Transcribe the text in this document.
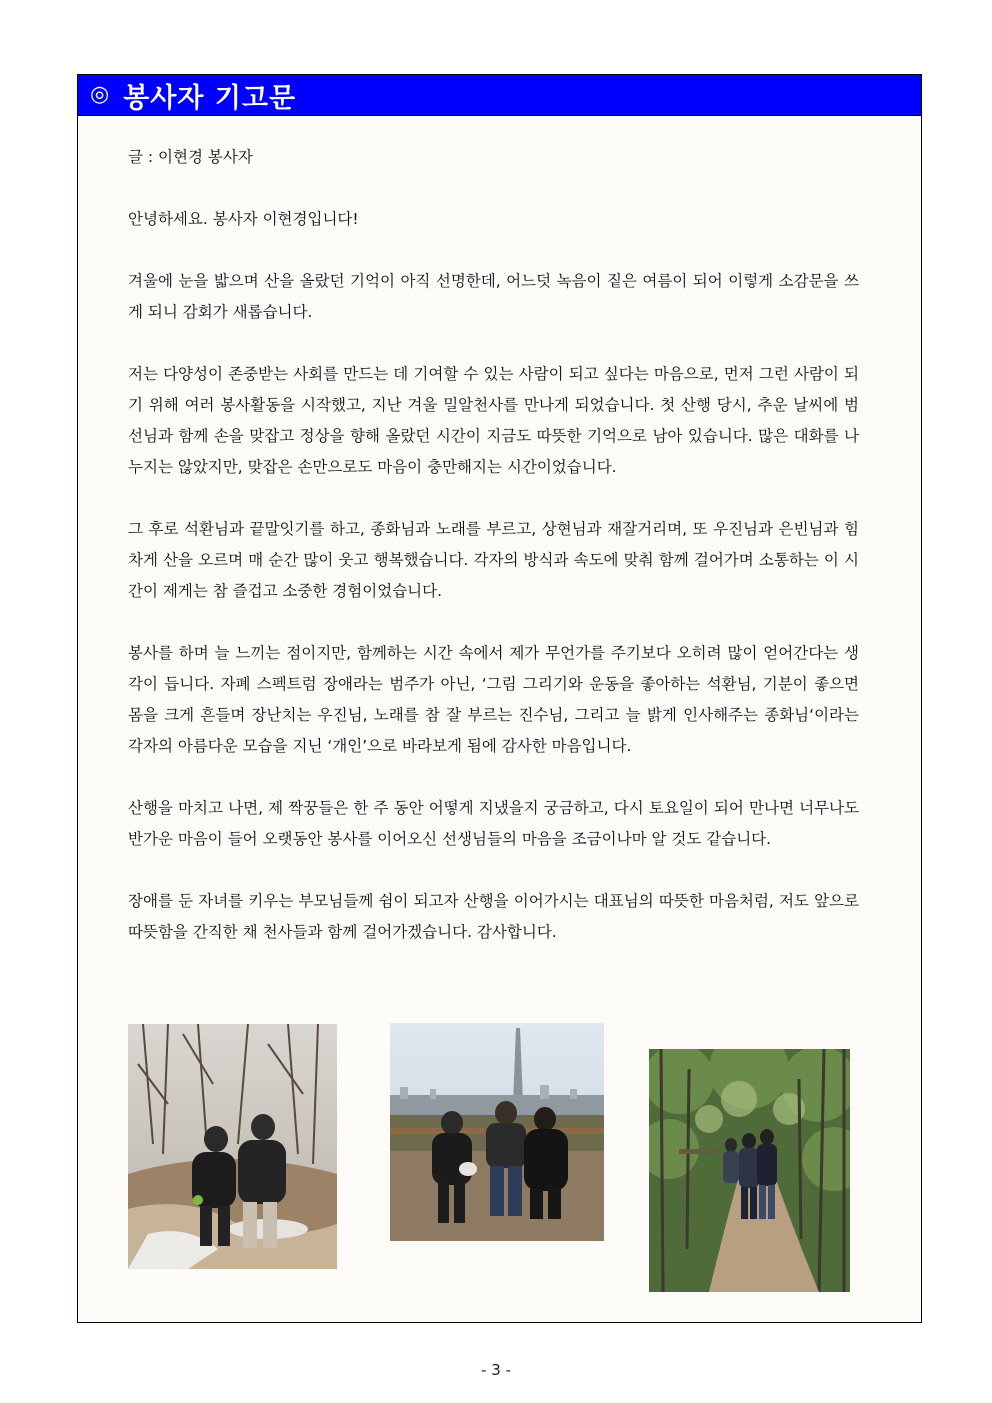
◎ 봉사자 기고문

글 : 이현경 봉사자

안녕하세요. 봉사자 이현경입니다!

겨울에 눈을 밟으며 산을 올랐던 기억이 아직 선명한데, 어느덧 녹음이 짙은 여름이 되어 이렇게 소감문을 쓰게 되니 감회가 새롭습니다.

저는 다양성이 존중받는 사회를 만드는 데 기여할 수 있는 사람이 되고 싶다는 마음으로, 먼저 그런 사람이 되기 위해 여러 봉사활동을 시작했고, 지난 겨울 밀알천사를 만나게 되었습니다. 첫 산행 당시, 추운 날씨에 범선님과 함께 손을 맞잡고 정상을 향해 올랐던 시간이 지금도 따뜻한 기억으로 남아 있습니다. 많은 대화를 나누지는 않았지만, 맞잡은 손만으로도 마음이 충만해지는 시간이었습니다.

그 후로 석환님과 끝말잇기를 하고, 종화님과 노래를 부르고, 상현님과 재잘거리며, 또 우진님과 은빈님과 힘차게 산을 오르며 매 순간 많이 웃고 행복했습니다. 각자의 방식과 속도에 맞춰 함께 걸어가며 소통하는 이 시간이 제게는 참 즐겁고 소중한 경험이었습니다.

봉사를 하며 늘 느끼는 점이지만, 함께하는 시간 속에서 제가 무언가를 주기보다 오히려 많이 얻어간다는 생각이 듭니다. 자폐 스펙트럼 장애라는 범주가 아닌, ‘그림 그리기와 운동을 좋아하는 석환님, 기분이 좋으면 몸을 크게 흔들며 장난치는 우진님, 노래를 참 잘 부르는 진수님, 그리고 늘 밝게 인사해주는 종화님‘이라는 각자의 아름다운 모습을 지닌 ‘개인’으로 바라보게 됨에 감사한 마음입니다.

산행을 마치고 나면, 제 짝꿍들은 한 주 동안 어떻게 지냈을지 궁금하고, 다시 토요일이 되어 만나면 너무나도 반가운 마음이 들어 오랫동안 봉사를 이어오신 선생님들의 마음을 조금이나마 알 것도 같습니다.

장애를 둔 자녀를 키우는 부모님들께 쉼이 되고자 산행을 이어가시는 대표님의 따뜻한 마음처럼, 저도 앞으로 따뜻함을 간직한 채 천사들과 함께 걸어가겠습니다. 감사합니다.

- 3 -
